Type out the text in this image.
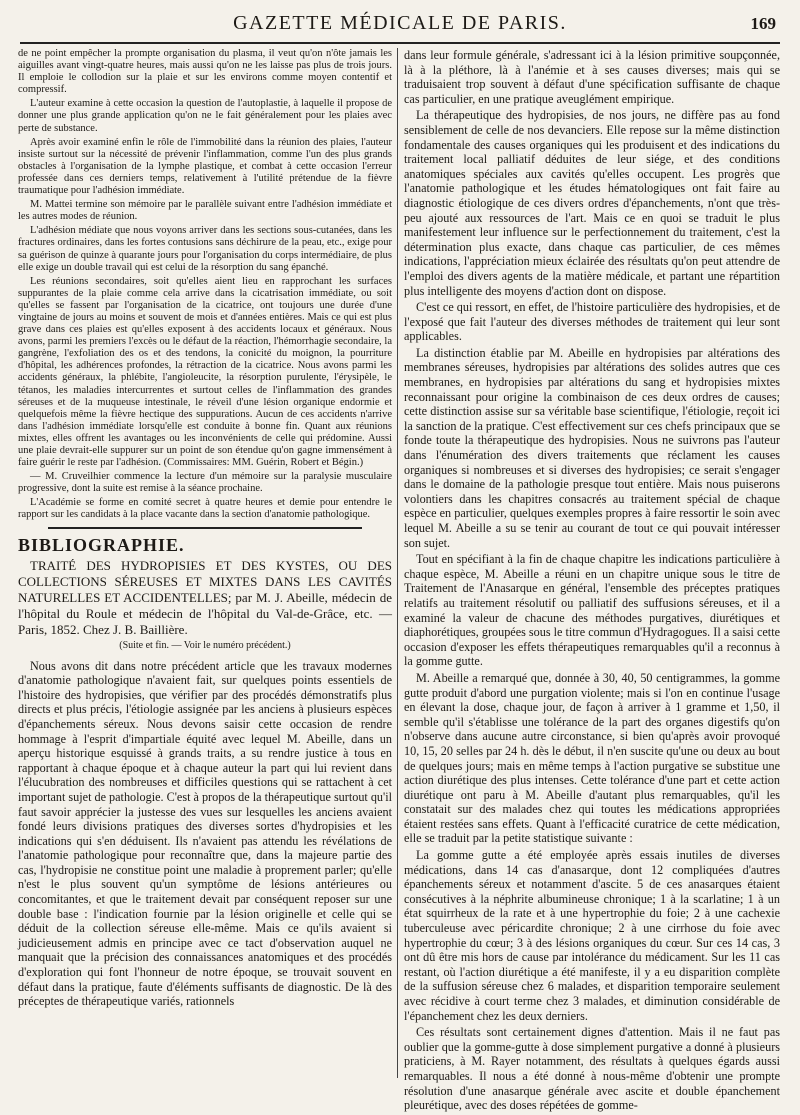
GAZETTE MÉDICALE DE PARIS.	169

de ne point empêcher la prompte organisation du plasma, il veut qu'on n'ôte jamais les aiguilles avant vingt-quatre heures, mais aussi qu'on ne les laisse pas plus de trois jours. Il emploie le collodion sur la plaie et sur les environs comme moyen contentif et compressif.

L'auteur examine à cette occasion la question de l'autoplastie, à laquelle il propose de donner une plus grande application qu'on ne le fait généralement pour les plaies avec perte de substance.

Après avoir examiné enfin le rôle de l'immobilité dans la réunion des plaies, l'auteur insiste surtout sur la nécessité de prévenir l'inflammation, comme l'un des plus grands obstacles à l'organisation de la lymphe plastique, et combat à cette occasion l'erreur professée dans ces derniers temps, relativement à l'utilité prétendue de la fièvre traumatique pour l'adhésion immédiate.

M. Mattei termine son mémoire par le parallèle suivant entre l'adhésion immédiate et les autres modes de réunion.

L'adhésion médiate que nous voyons arriver dans les sections sous-cutanées, dans les fractures ordinaires, dans les fortes contusions sans déchirure de la peau, etc., exige pour sa guérison de quinze à quarante jours pour l'organisation du corps intermédiaire, de plus elle exige un double travail qui est celui de la résorption du sang épanché.

Les réunions secondaires, soit qu'elles aient lieu en rapprochant les surfaces suppurantes de la plaie comme cela arrive dans la cicatrisation immédiate, ou soit qu'elles se fassent par l'organisation de la cicatrice, ont toujours une durée d'une vingtaine de jours au moins et souvent de mois et d'années entières. Mais ce qui est plus grave dans ces plaies est qu'elles exposent à des accidents locaux et généraux. Nous avons, parmi les premiers l'excès ou le défaut de la réaction, l'hémorrhagie secondaire, la gangrène, l'exfoliation des os et des tendons, la conicité du moignon, la pourriture d'hôpital, les adhérences profondes, la rétraction de la cicatrice. Nous avons parmi les accidents généraux, la phlébite, l'angioleucite, la résorption purulente, l'érysipèle, le tétanos, les maladies intercurrentes et surtout celles de l'inflammation des grandes séreuses et de la muqueuse intestinale, le réveil d'une lésion organique endormie et quelquefois même la fièvre hectique des suppurations. Aucun de ces accidents n'arrive dans l'adhésion immédiate lorsqu'elle est conduite à bonne fin. Quant aux réunions mixtes, elles offrent les avantages ou les inconvénients de celle qui prédomine. Aussi une plaie devrait-elle suppurer sur un point de son étendue qu'on gagne immensément à faire guérir le reste par l'adhésion. (Commissaires: MM. Guérin, Robert et Bégin.)

— M. Cruveilhier commence la lecture d'un mémoire sur la paralysie musculaire progressive, dont la suite est remise à la séance prochaine.

L'Académie se forme en comité secret à quatre heures et demie pour entendre le rapport sur les candidats à la place vacante dans la section d'anatomie pathologique.

BIBLIOGRAPHIE.

TRAITÉ DES HYDROPISIES ET DES KYSTES, OU DES COLLECTIONS SÉREUSES ET MIXTES DANS LES CAVITÉS NATURELLES ET ACCIDENTELLES; par M. J. Abeille, médecin de l'hôpital du Roule et médecin de l'hôpital du Val-de-Grâce, etc. — Paris, 1852. Chez J. B. Baillière.

(Suite et fin. — Voir le numéro précédent.)

Nous avons dit dans notre précédent article que les travaux modernes d'anatomie pathologique n'avaient fait, sur quelques points essentiels de l'histoire des hydropisies, que vérifier par des procédés démonstratifs plus directs et plus précis, l'étiologie assignée par les anciens à plusieurs espèces d'épanchements séreux. Nous devons saisir cette occasion de rendre hommage à l'esprit d'impartiale équité avec lequel M. Abeille, dans un aperçu historique esquissé à grands traits, a su rendre justice à tous en rapportant à chaque époque et à chaque auteur la part qui lui revient dans l'élucubration des nombreuses et difficiles questions qui se rattachent à cet important sujet de pathologie. C'est à propos de la thérapeutique surtout qu'il faut savoir apprécier la justesse des vues sur lesquelles les anciens avaient fondé leurs divisions pratiques des diverses sortes d'hydropisies et les indications qui s'en déduisent. Ils n'avaient pas attendu les révélations de l'anatomie pathologique pour reconnaître que, dans la majeure partie des cas, l'hydropisie ne constitue point une maladie à proprement parler; qu'elle n'est le plus souvent qu'un symptôme de lésions antérieures ou concomitantes, et que le traitement devait par conséquent reposer sur une double base : l'indication fournie par la lésion originelle et celle qui se déduit de la collection séreuse elle-même. Mais ce qu'ils avaient si judicieusement admis en principe avec ce tact d'observation auquel ne manquait que la précision des connaissances anatomiques et des procédés d'exploration qui font l'honneur de notre époque, se trouvait souvent en défaut dans la pratique, faute d'éléments suffisants de diagnostic. De là des préceptes de thérapeutique variés, rationnels

dans leur formule générale, s'adressant ici à la lésion primitive soupçonnée, là à la pléthore, là à l'anémie et à ses causes diverses; mais qui se traduisaient trop souvent à défaut d'une spécification suffisante de chaque cas particulier, en une pratique aveuglément empirique.

La thérapeutique des hydropisies, de nos jours, ne diffère pas au fond sensiblement de celle de nos devanciers. Elle repose sur la même distinction fondamentale des causes organiques qui les produisent et des indications du traitement local palliatif déduites de leur siége, et des conditions anatomiques spéciales aux cavités qu'elles occupent. Les progrès que l'anatomie pathologique et les études hématologiques ont fait faire au diagnostic étiologique de ces divers ordres d'épanchements, n'ont que très-peu ajouté aux ressources de l'art. Mais ce en quoi se traduit le plus manifestement leur influence sur le perfectionnement du traitement, c'est la détermination plus exacte, dans chaque cas particulier, de ces mêmes indications, l'appréciation mieux éclairée des résultats qu'on peut attendre de l'emploi des divers agents de la matière médicale, et partant une répartition plus intelligente des moyens d'action dont on dispose.

C'est ce qui ressort, en effet, de l'histoire particulière des hydropisies, et de l'exposé que fait l'auteur des diverses méthodes de traitement qui leur sont applicables.

La distinction établie par M. Abeille en hydropisies par altérations des membranes séreuses, hydropisies par altérations des solides autres que ces membranes, en hydropisies par altérations du sang et hydropisies mixtes reconnaissant pour origine la combinaison de ces deux ordres de causes; cette distinction assise sur sa véritable base scientifique, l'étiologie, reçoit ici la sanction de la pratique. C'est effectivement sur ces chefs principaux que se fonde toute la thérapeutique des hydropisies. Nous ne suivrons pas l'auteur dans l'énumération des divers traitements que réclament les causes organiques si nombreuses et si diverses des hydropisies; ce serait s'engager dans le domaine de la pathologie presque tout entière. Mais nous puiserons volontiers dans les chapitres consacrés au traitement spécial de chaque espèce en particulier, quelques exemples propres à faire ressortir le soin avec lequel M. Abeille a su se tenir au courant de tout ce qui pouvait intéresser son sujet.

Tout en spécifiant à la fin de chaque chapitre les indications particulière à chaque espèce, M. Abeille a réuni en un chapitre unique sous le titre de Traitement de l'Anasarque en général, l'ensemble des préceptes pratiques relatifs au traitement résolutif ou palliatif des suffusions séreuses, et il a examiné la valeur de chacune des méthodes purgatives, diurétiques et diaphorétiques, groupées sous le titre commun d'Hydragogues. Il a saisi cette occasion d'exposer les effets thérapeutiques remarquables qu'il a reconnus à la gomme gutte.

M. Abeille a remarqué que, donnée à 30, 40, 50 centigrammes, la gomme gutte produit d'abord une purgation violente; mais si l'on en continue l'usage en élevant la dose, chaque jour, de façon à arriver à 1 gramme et 1,50, il semble qu'il s'établisse une tolérance de la part des organes digestifs qu'on n'observe dans aucune autre circonstance, si bien qu'après avoir provoqué 10, 15, 20 selles par 24 h. dès le début, il n'en suscite qu'une ou deux au bout de quelques jours; mais en même temps à l'action purgative se substitue une action diurétique des plus intenses. Cette tolérance d'une part et cette action diurétique ont paru à M. Abeille d'autant plus remarquables, qu'il les constatait sur des malades chez qui toutes les médications appropriées étaient restées sans effets. Quant à l'efficacité curatrice de cette médication, elle se traduit par la petite statistique suivante :

La gomme gutte a été employée après essais inutiles de diverses médications, dans 14 cas d'anasarque, dont 12 compliquées d'autres épanchements séreux et notamment d'ascite. 5 de ces anasarques étaient consécutives à la néphrite albumineuse chronique; 1 à la scarlatine; 1 à un état squirrheux de la rate et à une hypertrophie du foie; 2 à une cachexie tuberculeuse avec péricardite chronique; 2 à une cirrhose du foie avec hypertrophie du cœur; 3 à des lésions organiques du cœur. Sur ces 14 cas, 3 ont dû être mis hors de cause par intolérance du médicament. Sur les 11 cas restant, où l'action diurétique a été manifeste, il y a eu disparition complète de la suffusion séreuse chez 6 malades, et disparition temporaire seulement avec récidive à court terme chez 3 malades, et diminution considérable de l'épanchement chez les deux derniers.

Ces résultats sont certainement dignes d'attention. Mais il ne faut pas oublier que la gomme-gutte à dose simplement purgative a donné à plusieurs praticiens, à M. Rayer notamment, des résultats à quelques égards aussi remarquables. Il nous a été donné à nous-même d'obtenir une prompte résolution d'une anasarque générale avec ascite et double épanchement pleurétique, avec des doses répétées de gomme-
